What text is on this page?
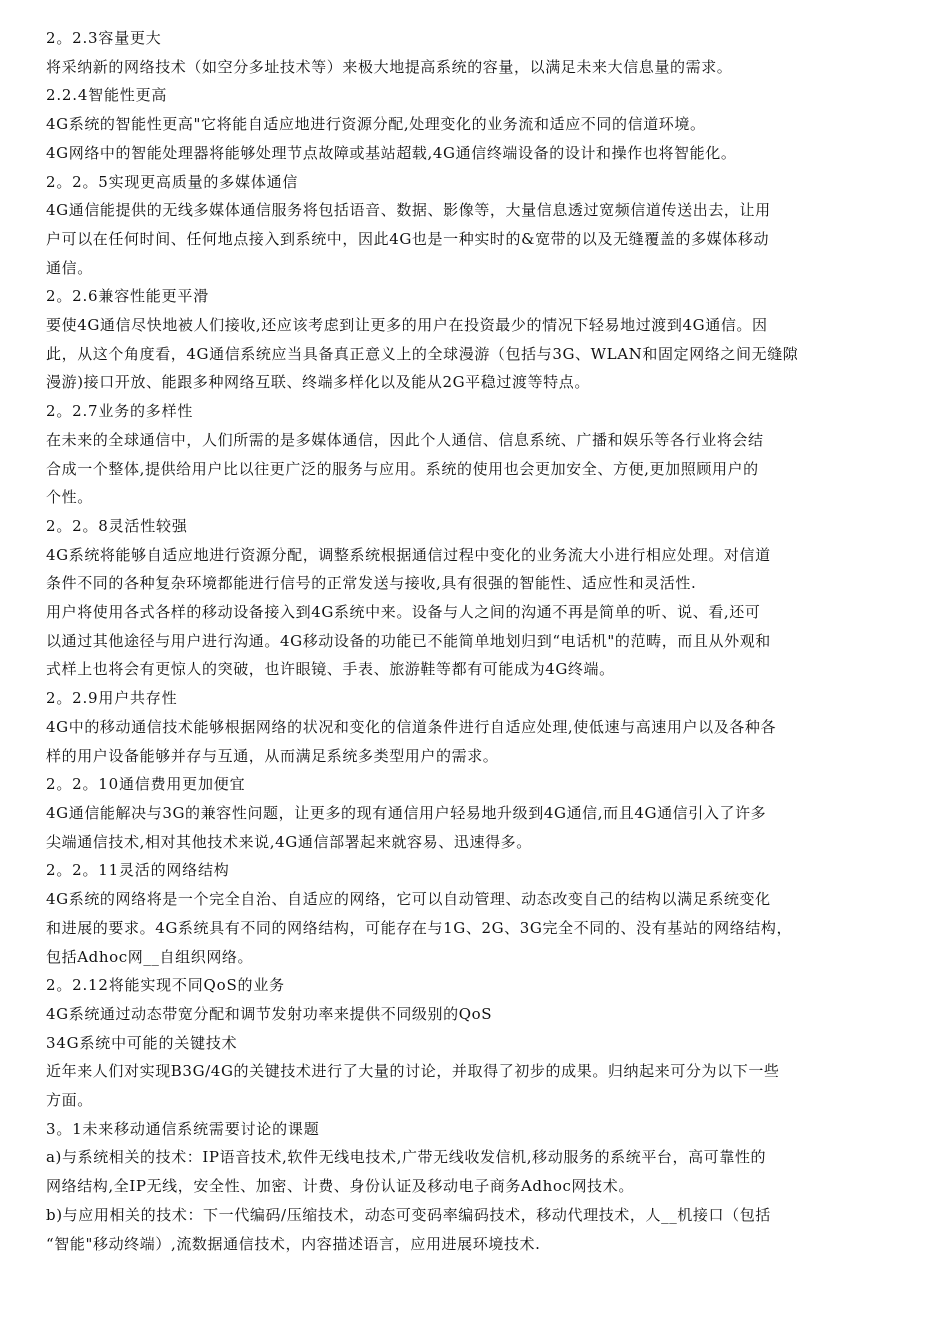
2。2.3容量更大
将采纳新的网络技术（如空分多址技术等）来极大地提高系统的容量，以满足未来大信息量的需求。
2.2.4智能性更高
4G系统的智能性更高"它将能自适应地进行资源分配,处理变化的业务流和适应不同的信道环境。
4G网络中的智能处理器将能够处理节点故障或基站超载,4G通信终端设备的设计和操作也将智能化。
2。2。5实现更高质量的多媒体通信
4G通信能提供的无线多媒体通信服务将包括语音、数据、影像等，大量信息透过宽频信道传送出去，让用
户可以在任何时间、任何地点接入到系统中，因此4G也是一种实时的&宽带的以及无缝覆盖的多媒体移动
通信。
2。2.6兼容性能更平滑
要使4G通信尽快地被人们接收,还应该考虑到让更多的用户在投资最少的情况下轻易地过渡到4G通信。因
此，从这个角度看，4G通信系统应当具备真正意义上的全球漫游（包括与3G、WLAN和固定网络之间无缝隙
漫游)接口开放、能跟多种网络互联、终端多样化以及能从2G平稳过渡等特点。
2。2.7业务的多样性
在未来的全球通信中，人们所需的是多媒体通信，因此个人通信、信息系统、广播和娱乐等各行业将会结
合成一个整体,提供给用户比以往更广泛的服务与应用。系统的使用也会更加安全、方便,更加照顾用户的
个性。
2。2。8灵活性较强
4G系统将能够自适应地进行资源分配，调整系统根据通信过程中变化的业务流大小进行相应处理。对信道
条件不同的各种复杂环境都能进行信号的正常发送与接收,具有很强的智能性、适应性和灵活性.
用户将使用各式各样的移动设备接入到4G系统中来。设备与人之间的沟通不再是简单的听、说、看,还可
以通过其他途径与用户进行沟通。4G移动设备的功能已不能简单地划归到“电话机"的范畴，而且从外观和
式样上也将会有更惊人的突破，也许眼镜、手表、旅游鞋等都有可能成为4G终端。
2。2.9用户共存性
4G中的移动通信技术能够根据网络的状况和变化的信道条件进行自适应处理,使低速与高速用户以及各种各
样的用户设备能够并存与互通，从而满足系统多类型用户的需求。
2。2。10通信费用更加便宜
4G通信能解决与3G的兼容性问题，让更多的现有通信用户轻易地升级到4G通信,而且4G通信引入了许多
尖端通信技术,相对其他技术来说,4G通信部署起来就容易、迅速得多。
2。2。11灵活的网络结构
4G系统的网络将是一个完全自治、自适应的网络，它可以自动管理、动态改变自己的结构以满足系统变化
和进展的要求。4G系统具有不同的网络结构，可能存在与1G、2G、3G完全不同的、没有基站的网络结构，
包括Adhoc网__自组织网络。
2。2.12将能实现不同QoS的业务
4G系统通过动态带宽分配和调节发射功率来提供不同级别的QoS
34G系统中可能的关键技术
近年来人们对实现B3G/4G的关键技术进行了大量的讨论，并取得了初步的成果。归纳起来可分为以下一些
方面。
3。1未来移动通信系统需要讨论的课题
a)与系统相关的技术：IP语音技术,软件无线电技术,广带无线收发信机,移动服务的系统平台，高可靠性的
网络结构,全IP无线，安全性、加密、计费、身份认证及移动电子商务Adhoc网技术。
b)与应用相关的技术：下一代编码/压缩技术，动态可变码率编码技术，移动代理技术，人__机接口（包括
“智能"移动终端）,流数据通信技术，内容描述语言，应用进展环境技术.
